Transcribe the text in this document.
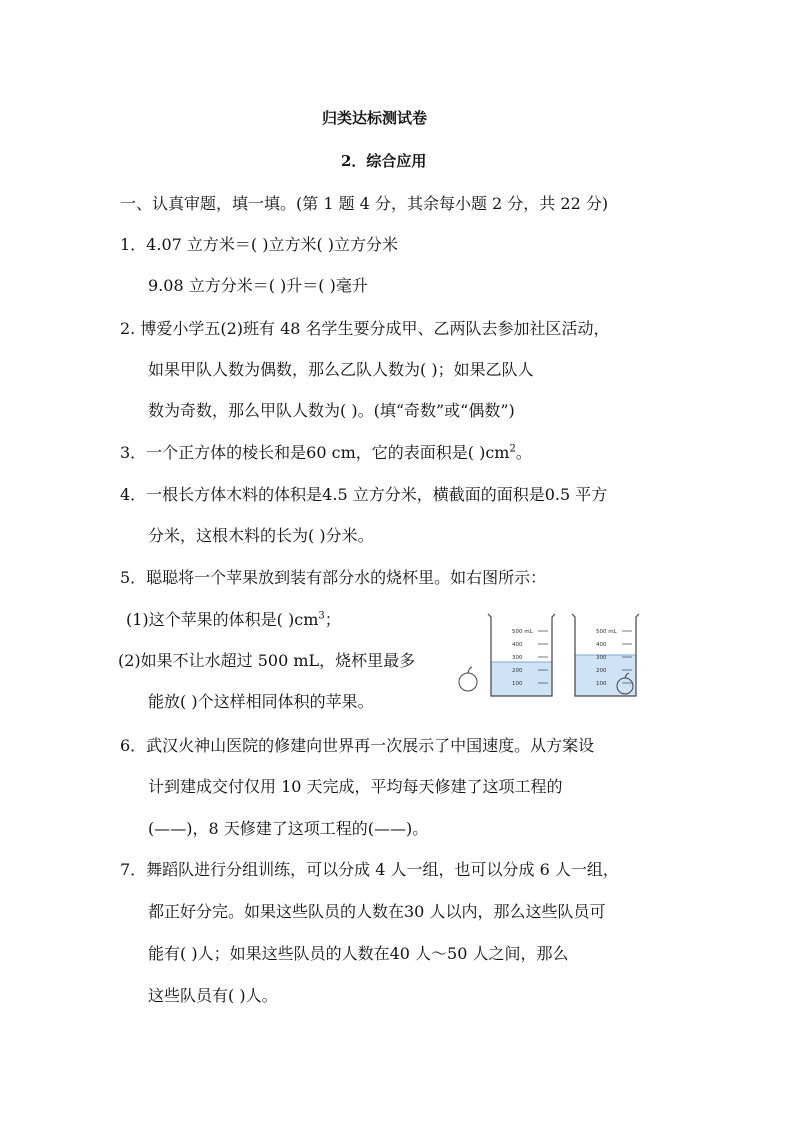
归类达标测试卷
2．综合应用
一、认真审题，填一填。(第 1 题 4 分，其余每小题 2 分，共 22 分)
1．4.07 立方米＝( )立方米( )立方分米
9.08 立方分米＝( )升＝( )毫升
2. 博爱小学五(2)班有 48 名学生要分成甲、乙两队去参加社区活动，
如果甲队人数为偶数，那么乙队人数为( )；如果乙队人
数为奇数，那么甲队人数为( )。(填“奇数”或“偶数”)
3．一个正方体的棱长和是60 cm，它的表面积是( )$cm^2$。
4．一根长方体木料的体积是4.5 立方分米，横截面的面积是0.5 平方
分米，这根木料的长为( )分米。
5．聪聪将一个苹果放到装有部分水的烧杯里。如右图所示：
(1)这个苹果的体积是( )$cm^3$；
(2)如果不让水超过 500 mL，烧杯里最多
能放( )个这样相同体积的苹果。
500 mL
400
300
200
100
500 mL
400
300
200
100
6．武汉火神山医院的修建向世界再一次展示了中国速度。从方案设
计到建成交付仅用 10 天完成，平均每天修建了这项工程的
(——)，8 天修建了这项工程的(——)。
7．舞蹈队进行分组训练，可以分成 4 人一组，也可以分成 6 人一组，
都正好分完。如果这些队员的人数在30 人以内，那么这些队员可
能有( )人；如果这些队员的人数在40 人～50 人之间，那么
这些队员有( )人。
